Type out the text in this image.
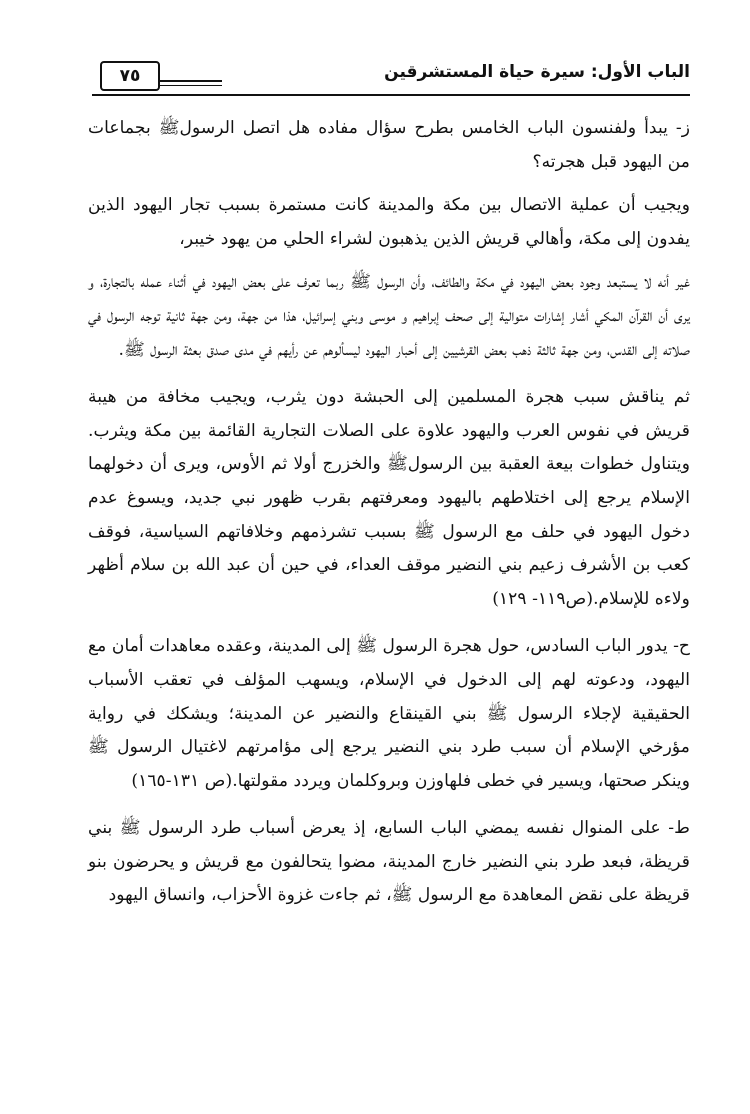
٧٥	الباب الأول: سيرة حياة المستشرقين

ز- يبدأ ولفنسون الباب الخامس بطرح سؤال مفاده هل اتصل الرسولﷺ بجماعات من اليهود قبل هجرته؟

ويجيب أن عملية الاتصال بين مكة والمدينة كانت مستمرة بسبب تجار اليهود الذين يفدون إلى مكة، وأهالي قريش الذين يذهبون لشراء الحلي من يهود خيبر،

غير أنه لا يستبعد وجود بعض اليهود في مكة والطائف، وأن الرسول ﷺ ربما تعرف على بعض اليهود في أثناء عمله بالتجارة، و يرى أن القرآن المكي أشار إشارات متوالية إلى صحف إبراهيم و موسى وبني إسرائيل، هذا من جهة، ومن جهة ثانية توجه الرسول في صلاته إلى القدس، ومن جهة ثالثة ذهب بعض القرشيين إلى أحبار اليهود ليسألوهم عن رأيهم في مدى صدق بعثة الرسول ﷺ.

ثم يناقش سبب هجرة المسلمين إلى الحبشة دون يثرب، ويجيب مخافة من هيبة قريش في نفوس العرب واليهود علاوة على الصلات التجارية القائمة بين مكة ويثرب. ويتناول خطوات بيعة العقبة بين الرسولﷺ والخزرج أولا ثم الأوس، ويرى أن دخولهما الإسلام يرجع إلى اختلاطهم باليهود ومعرفتهم بقرب ظهور نبي جديد، ويسوغ عدم دخول اليهود في حلف مع الرسول ﷺ بسبب تشرذمهم وخلافاتهم السياسية، فوقف كعب بن الأشرف زعيم بني النضير موقف العداء، في حين أن عبد الله بن سلام أظهر ولاءه للإسلام.(ص١١٩- ١٢٩)

ح- يدور الباب السادس، حول هجرة الرسول ﷺ إلى المدينة، وعقده معاهدات أمان مع اليهود، ودعوته لهم إلى الدخول في الإسلام، ويسهب المؤلف في تعقب الأسباب الحقيقية لإجلاء الرسول ﷺ بني القينقاع والنضير عن المدينة؛ ويشكك في رواية مؤرخي الإسلام أن سبب طرد بني النضير يرجع إلى مؤامرتهم لاغتيال الرسول ﷺ وينكر صحتها، ويسير في خطى فلهاوزن وبروكلمان ويردد مقولتها.(ص ١٣١-١٦٥)

ط- على المنوال نفسه يمضي الباب السابع، إذ يعرض أسباب طرد الرسول ﷺ بني قريظة، فبعد طرد بني النضير خارج المدينة، مضوا يتحالفون مع قريش و يحرضون بنو قريظة على نقض المعاهدة مع الرسول ﷺ، ثم جاءت غزوة الأحزاب، وانساق اليهود
